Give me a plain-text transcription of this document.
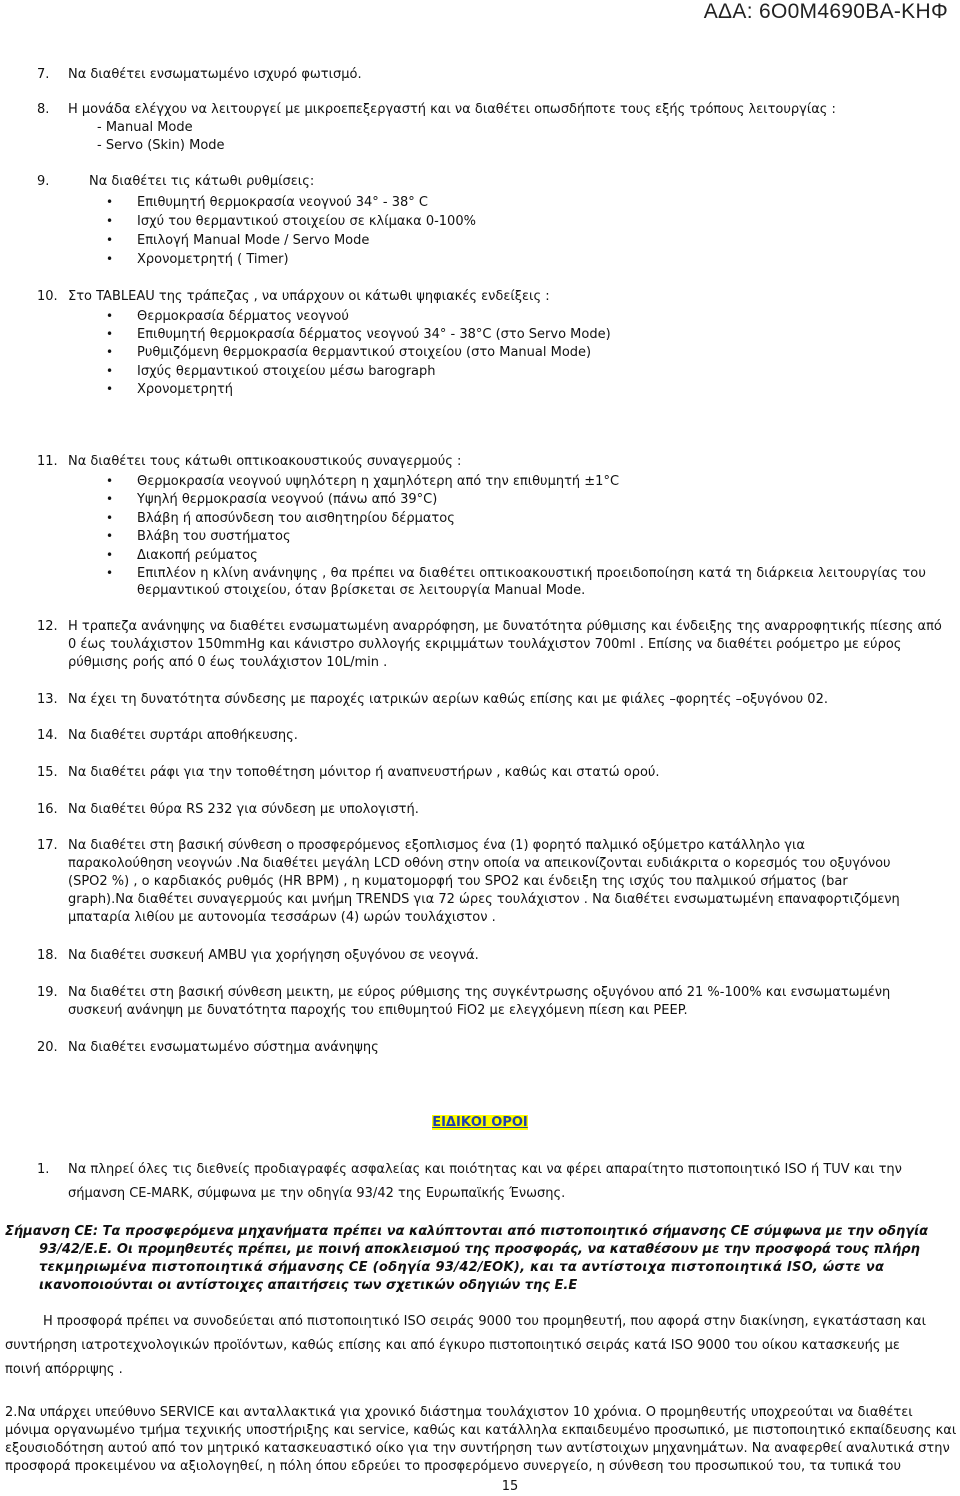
ΑΔΑ: 6Ο0Μ4690ΒΑ-ΚΗΦ
7. Να διαθέτει ενσωματωμένο ισχυρό φωτισμό.
8. Η μονάδα ελέγχου να λειτουργεί με μικροεπεξεργαστή και να διαθέτει οπωσδήποτε τους εξής τρόπους λειτουργίας :
- Manual Mode
- Servo (Skin) Mode
9.	Να διαθέτει τις κάτωθι ρυθμίσεις:
•Επιθυμητή θερμοκρασία νεογνού 34° - 38° C
•Ισχύ του θερμαντικού στοιχείου σε κλίμακα 0-100%
•Επιλογή Manual Mode / Servo Mode
•Χρονομετρητή ( Timer)
10. Στο TABLEAU της τράπεζας , να υπάρχουν οι κάτωθι ψηφιακές ενδείξεις :
•Θερμοκρασία δέρματος νεογνού
•Επιθυμητή θερμοκρασία δέρματος νεογνού 34° - 38°C (στο Servo Mode)
•Ρυθμιζόμενη θερμοκρασία θερμαντικού στοιχείου (στο Manual Mode)
•Ισχύς θερμαντικού στοιχείου μέσω barograph
•Χρονομετρητή
11. Να διαθέτει τους κάτωθι οπτικοακουστικούς συναγερμούς :
•Θερμοκρασία νεογνού υψηλότερη η χαμηλότερη από την επιθυμητή ±1°C
•Υψηλή θερμοκρασία νεογνού (πάνω από 39°C)
•Βλάβη ή αποσύνδεση του αισθητηρίου δέρματος
•Βλάβη του συστήματος
•Διακοπή ρεύματος
•Επιπλέον η κλίνη ανάνηψης , θα πρέπει να διαθέτει οπτικοακουστική προειδοποίηση κατά τη διάρκεια λειτουργίας του
θερμαντικού στοιχείου, όταν βρίσκεται σε λειτουργία Manual Mode.
12. Η τραπεζα ανάνηψης να διαθέτει ενσωματωμένη αναρρόφηση, με δυνατότητα ρύθμισης και ένδειξης της αναρροφητικής πίεσης από
0 έως τουλάχιστον 150mmHg και κάνιστρο συλλογής εκριμμάτων τουλάχιστον 700ml . Επίσης να διαθέτει ροόμετρο με εύρος
ρύθμισης ροής από 0 έως τουλάχιστον 10L/min .
13. Να έχει τη δυνατότητα σύνδεσης με παροχές ιατρικών αερίων καθώς επίσης και με φιάλες –φορητές –οξυγόνου 02.
14. Να διαθέτει συρτάρι αποθήκευσης.
15. Να διαθέτει ράφι για την τοποθέτηση μόνιτορ ή αναπνευστήρων , καθώς και στατώ ορού.
16. Να διαθέτει θύρα RS 232 για σύνδεση με υπολογιστή.
17. Να διαθέτει στη βασική σύνθεση ο προσφερόμενος εξοπλισμος ένα (1) φορητό παλμικό οξύμετρο κατάλληλο για
παρακολούθηση νεογνών .Να διαθέτει μεγάλη LCD οθόνη στην οποία να απεικονίζονται ευδιάκριτα ο κορεσμός του οξυγόνου
(SPO2 %) , ο καρδιακός ρυθμός (HR BPM) , η κυματομορφή του SPO2 και ένδειξη της ισχύς του παλμικού σήματος (bar
graph).Να διαθέτει συναγερμούς και μνήμη TRENDS για 72 ώρες τουλάχιστον . Να διαθέτει ενσωματωμένη επαναφορτιζόμενη
μπαταρία λιθίου με αυτονομία τεσσάρων (4) ωρών τουλάχιστον .
18. Να διαθέτει συσκευή AMBU για χορήγηση οξυγόνου σε νεογνά.
19. Να διαθέτει στη βασική σύνθεση μεικτη, με εύρος ρύθμισης της συγκέντρωσης οξυγόνου από 21 %-100% και ενσωματωμένη
συσκευή ανάνηψη με δυνατότητα παροχής του επιθυμητού FiO2 με ελεγχόμενη πίεση και PEEP.
20. Να διαθέτει ενσωματωμένο σύστημα ανάνηψης
ΕΙΔΙΚΟΙ ΟΡΟΙ
1. Να πληρεί όλες τις διεθνείς προδιαγραφές ασφαλείας και ποιότητας και να φέρει απαραίτητο πιστοποιητικό ISO ή TUV και την
σήμανση CE-MARK, σύμφωνα με την οδηγία 93/42 της Ευρωπαϊκής Ένωσης.
Σήμανση CE: Τα προσφερόμενα μηχανήματα πρέπει να καλύπτονται από πιστοποιητικό σήμανσης CE σύμφωνα με την οδηγία
93/42/E.E. Οι προμηθευτές πρέπει, με ποινή αποκλεισμού της προσφοράς, να καταθέσουν με την προσφορά τους πλήρη
τεκμηριωμένα πιστοποιητικά σήμανσης CE (οδηγία 93/42/ΕΟΚ), και τα αντίστοιχα πιστοποιητικά ISO, ώστε να
ικανοποιούνται οι αντίστοιχες απαιτήσεις των σχετικών οδηγιών της E.E
Η προσφορά πρέπει να συνοδεύεται από πιστοποιητικό ISO σειράς 9000 του προμηθευτή, που αφορά στην διακίνηση, εγκατάσταση και
συντήρηση ιατροτεχνολογικών προϊόντων, καθώς επίσης και από έγκυρο πιστοποιητικό σειράς κατά ISO 9000 του οίκου κατασκευής με
ποινή απόρριψης .
2.Να υπάρχει υπεύθυνο SERVICE και ανταλλακτικά για χρονικό διάστημα τουλάχιστον 10 χρόνια. Ο προμηθευτής υποχρεούται να διαθέτει
μόνιμα οργανωμένο τμήμα τεχνικής υποστήριξης και service, καθώς και κατάλληλα εκπαιδευμένο προσωπικό, με πιστοποιητικό εκπαίδευσης και
εξουσιοδότηση αυτού από τον μητρικό κατασκευαστικό οίκο για την συντήρηση των αντίστοιχων μηχανημάτων. Να αναφερθεί αναλυτικά στην
προσφορά προκειμένου να αξιολογηθεί, η πόλη όπου εδρεύει το προσφερόμενο συνεργείο, η σύνθεση του προσωπικού του, τα τυπικά του
15
